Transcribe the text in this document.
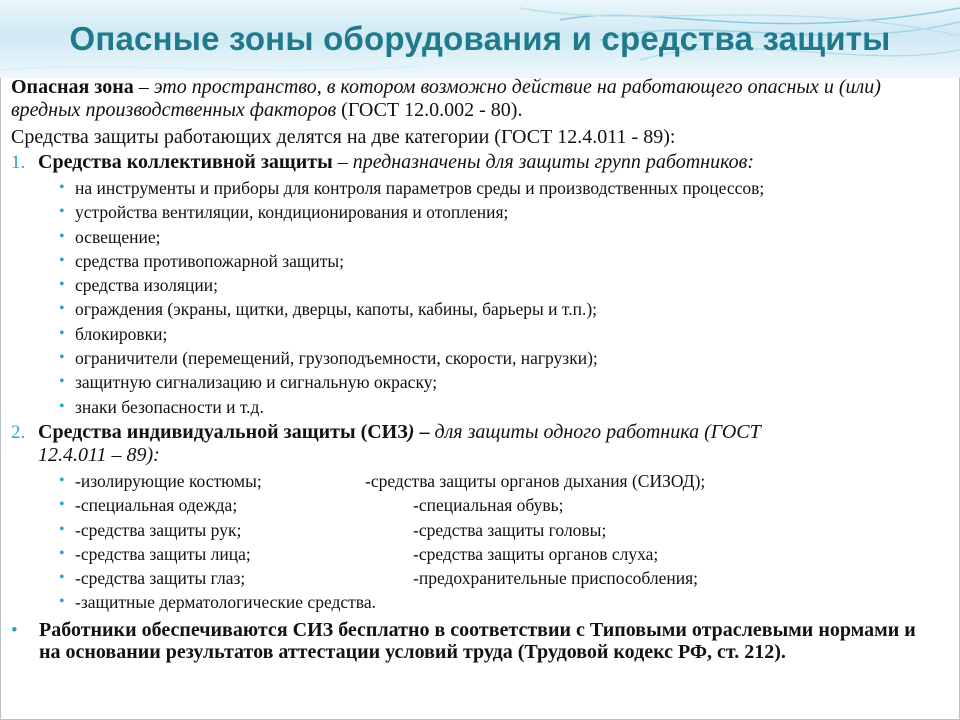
Опасные зоны оборудования и средства защиты

Опасная зона – это пространство, в котором возможно действие на работающего опасных и (или) вредных производственных факторов (ГОСТ 12.0.002 - 80).

Средства защиты работающих делятся на две категории (ГОСТ 12.4.011 - 89):

1. Средства коллективной защиты – предназначены для защиты групп работников:
• на инструменты и приборы для контроля параметров среды и производственных процессов;
• устройства вентиляции, кондиционирования и отопления;
• освещение;
• средства противопожарной защиты;
• средства изоляции;
• ограждения (экраны, щитки, дверцы, капоты, кабины, барьеры и т.п.);
• блокировки;
• ограничители (перемещений, грузоподъемности, скорости, нагрузки);
• защитную сигнализацию и сигнальную окраску;
• знаки безопасности и т.д.
2. Средства индивидуальной защиты (СИЗ) – для защиты одного работника (ГОСТ
12.4.011 – 89):
• -изолирующие костюмы;	-средства защиты органов дыхания (СИЗОД);
• -специальная одежда;	-специальная обувь;
• -средства защиты рук;	-средства защиты головы;
• -средства защиты лица;	-средства защиты органов слуха;
• -средства защиты глаз;	-предохранительные приспособления;
• -защитные дерматологические средства.
•	Работники обеспечиваются СИЗ бесплатно в соответствии с Типовыми отраслевыми нормами и на основании результатов аттестации условий труда (Трудовой кодекс РФ, ст. 212).
